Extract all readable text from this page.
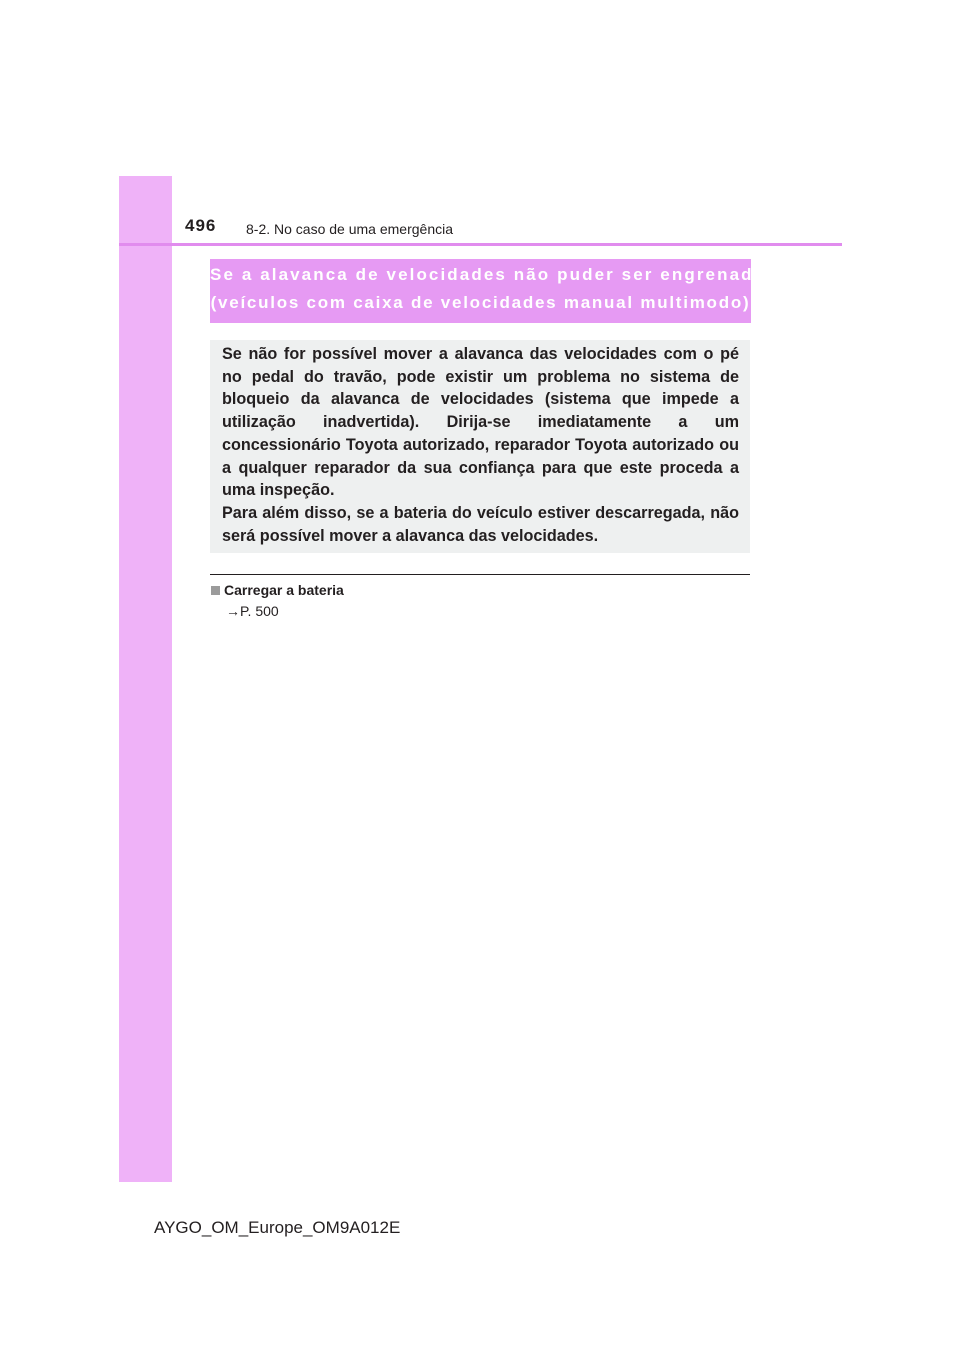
496 8-2. No caso de uma emergência
Se a alavanca de velocidades não puder ser engrenada
(veículos com caixa de velocidades manual multimodo)

Se não for possível mover a alavanca das velocidades com o pé no pedal do travão, pode existir um problema no sistema de bloqueio da alavanca de velocidades (sistema que impede a utilização inadvertida). Dirija-se imediatamente a um concessionário Toyota autorizado, reparador Toyota autorizado ou a qualquer reparador da sua confiança para que este proceda a uma inspeção.

Para além disso, se a bateria do veículo estiver descarregada, não será possível mover a alavanca das velocidades.

Carregar a bateria
→P. 500
AYGO_OM_Europe_OM9A012E
